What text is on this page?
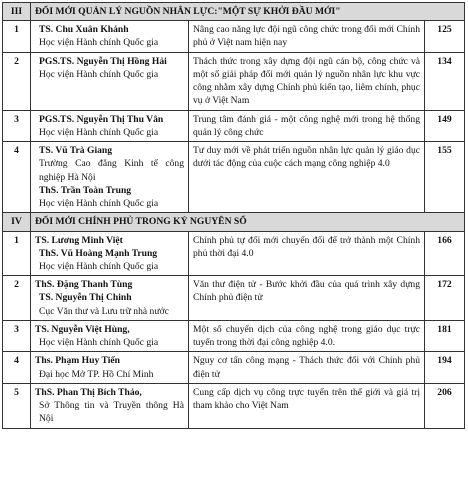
III	ĐỔI MỚI QUẢN LÝ NGUỒN NHÂN LỰC:"MỘT SỰ KHỞI ĐẦU MỚI"		
1	TS. Chu Xuân Khánh
Học viện Hành chính Quốc gia	Nâng cao năng lực đội ngũ công chức trong đổi mới Chính phủ ở Việt nam hiện nay	125
2	PGS.TS. Nguyễn Thị Hồng Hải
Học viện Hành chính Quốc gia	Thách thức trong xây dựng đội ngũ cán bộ, công chức và một số giải pháp đổi mới quản lý nguồn nhân lực khu vực công nhằm xây dựng Chính phủ kiến tạo, liêm chính, phục vụ ở Việt Nam	134
3	PGS.TS. Nguyễn Thị Thu Vân
Học viện Hành chính Quốc gia	Trung tâm đánh giá - một công nghệ mới trong hệ thống quản lý công chức	149
4	TS. Vũ Trà Giang
Trường Cao đẳng Kinh tế công nghiệp Hà Nội
ThS. Trần Toàn Trung
Học viện Hành chính Quốc gia	Tư duy mới về phát triển nguồn nhân lực quản lý giáo dục dưới tác động của cuộc cách mạng công nghiệp 4.0	155
IV	ĐỔI MỚI CHÍNH PHỦ TRONG KỶ NGUYÊN SỐ		
1	TS. Lương Minh Việt
ThS. Vũ Hoàng Mạnh Trung
Học viện Hành chính Quốc gia	Chính phủ tự đổi mới chuyển đổi để trở thành một Chính phủ thời đại 4.0	166
2	ThS. Đặng Thanh Tùng
TS. Nguyễn Thị Chinh
Cục Văn thư và Lưu trữ nhà nước	Văn thư điện tử - Bước khởi đầu của quá trình xây dựng Chính phủ điện tử	172
3	TS. Nguyễn Việt Hùng,
Học viện Hành chính Quốc gia	Một số chuyển dịch của công nghệ trong giáo dục trực tuyến trong thời đại công nghiệp 4.0.	181
4	Ths. Phạm Huy Tiến
Đại học Mở TP. Hồ Chí Minh	Nguy cơ tấn công mạng - Thách thức đối với Chính phủ điện tử	194
5	ThS. Phan Thị Bích Thảo,
Sở Thông tin và Truyền thông Hà Nội	Cung cấp dịch vụ công trực tuyến trên thế giới và giá trị tham khảo cho Việt Nam	206
